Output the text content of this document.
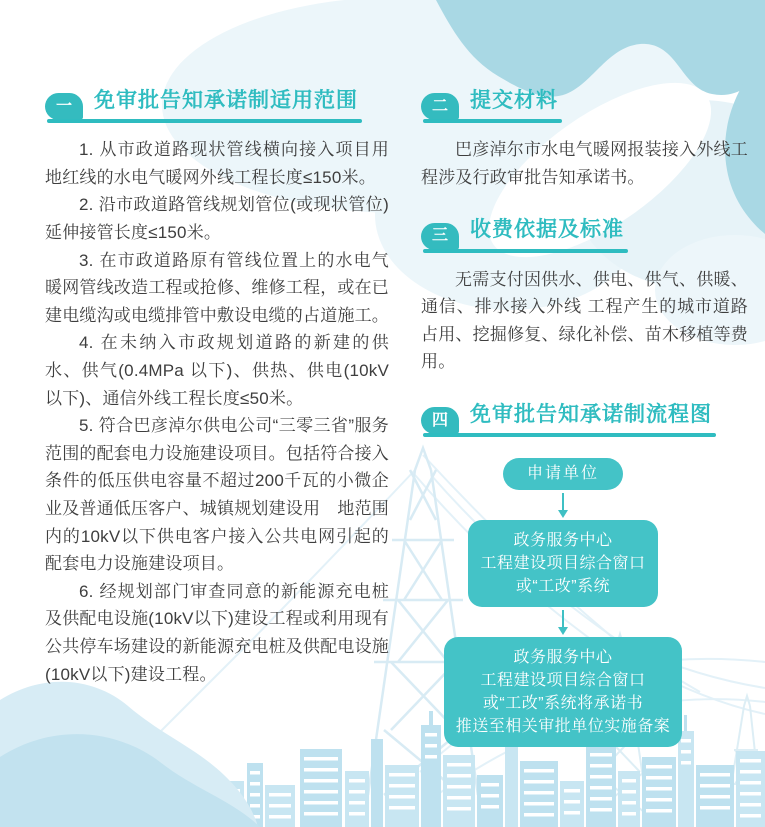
一	免审批告知承诺制适用范围

1. 从市政道路现状管线横向接入项目用地红线的水电气暖网外线工程长度≤150米。

2. 沿市政道路管线规划管位(或现状管位)延伸接管长度≤150米。

3. 在市政道路原有管线位置上的水电气暖网管线改造工程或抢修、维修工程，或在已建电缆沟或电缆排管中敷设电缆的占道施工。

4. 在未纳入市政规划道路的新建的供水、供气(0.4MPa 以下)、供热、供电(10kV以下)、通信外线工程长度≤50米。

5. 符合巴彦淖尔供电公司“三零三省”服务范围的配套电力设施建设项目。包括符合接入条件的低压供电容量不超过200千瓦的小微企业及普通低压客户、城镇规划建设用　地范围内的10kV以下供电客户接入公共电网引起的配套电力设施建设项目。

6. 经规划部门审查同意的新能源充电桩及供配电设施(10kV以下)建设工程或利用现有公共停车场建设的新能源充电桩及供配电设施(10kV以下)建设工程。

二	提交材料

巴彦淖尔市水电气暖网报装接入外线工程涉及行政审批告知承诺书。

三	收费依据及标准

无需支付因供水、供电、供气、供暖、通信、排水接入外线 工程产生的城市道路占用、挖掘修复、绿化补偿、苗木移植等费用。

四	免审批告知承诺制流程图
申请单位
政务服务中心
工程建设项目综合窗口
或“工改”系统
政务服务中心
工程建设项目综合窗口
或“工改”系统将承诺书
推送至相关审批单位实施备案
